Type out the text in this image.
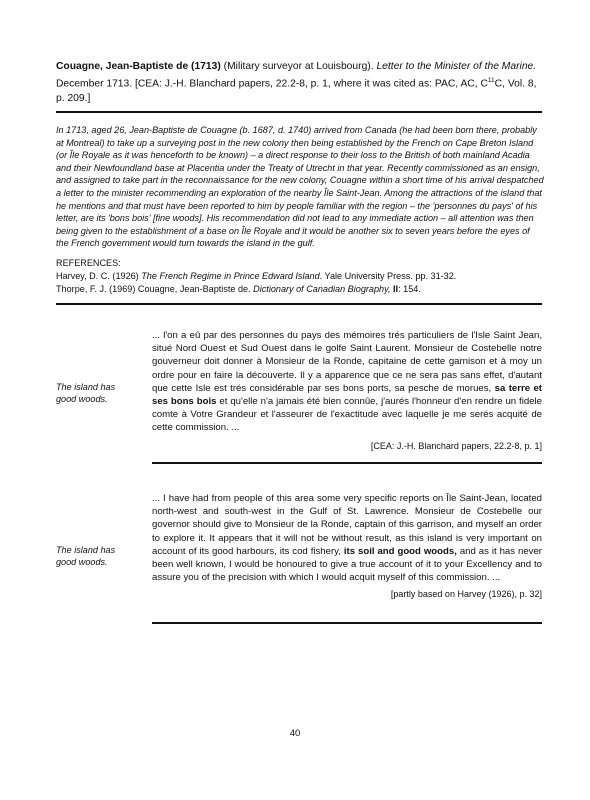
Couagne, Jean-Baptiste de (1713) (Military surveyor at Louisbourg). Letter to the Minister of the Marine. December 1713. [CEA: J.-H. Blanchard papers, 22.2-8, p. 1, where it was cited as: PAC, AC, $C^{11}C$, Vol. 8, p. 209.]
In 1713, aged 26, Jean-Baptiste de Couagne (b. 1687, d. 1740) arrived from Canada (he had been born there, probably at Montreal) to take up a surveying post in the new colony then being established by the French on Cape Breton Island (or Île Royale as it was henceforth to be known) – a direct response to their loss to the British of both mainland Acadia and their Newfoundland base at Placentia under the Treaty of Utrecht in that year. Recently commissioned as an ensign, and assigned to take part in the reconnaissance for the new colony, Couagne within a short time of his arrival despatched a letter to the minister recommending an exploration of the nearby Île Saint-Jean. Among the attractions of the island that he mentions and that must have been reported to him by people familiar with the region – the 'personnes du pays' of his letter, are its 'bons bois' [fine woods]. His recommendation did not lead to any immediate action – all attention was then being given to the establishment of a base on Île Royale and it would be another six to seven years before the eyes of the French government would turn towards the island in the gulf.
REFERENCES:
Harvey, D. C. (1926) The French Regime in Prince Edward Island. Yale University Press. pp. 31-32.
Thorpe, F. J. (1969) Couagne, Jean-Baptiste de. Dictionary of Canadian Biography, II: 154.
The island has good woods.
... l'on a eû par des personnes du pays des mémoires trés particuliers de l'Isle Saint Jean, situé Nord Ouest et Sud Ouest dans le golfe Saint Laurent. Monsieur de Costebelle notre gouverneur doit donner à Monsieur de la Ronde, capitaine de cette garnison et à moy un ordre pour en faire la découverte. Il y a apparence que ce ne sera pas sans effet, d'autant que cette Isle est trés considérable par ses bons ports, sa pesche de morues, sa terre et ses bons bois et qu'elle n'a jamais été bien connûe, j'aurés l'honneur d'en rendre un fidele comte à Votre Grandeur et l'asseurer de l'exactitude avec laquelle je me serés acquité de cette commission. ...
[CEA: J.-H. Blanchard papers, 22.2-8, p. 1]
The island has good woods.
... I have had from people of this area some very specific reports on Île Saint-Jean, located north-west and south-west in the Gulf of St. Lawrence. Monsieur de Costebelle our governor should give to Monsieur de la Ronde, captain of this garrison, and myself an order to explore it. It appears that it will not be without result, as this island is very important on account of its good harbours, its cod fishery, its soil and good woods, and as it has never been well known, I would be honoured to give a true account of it to your Excellency and to assure you of the precision with which I would acquit myself of this commission. ...
[partly based on Harvey (1926), p. 32]
40
